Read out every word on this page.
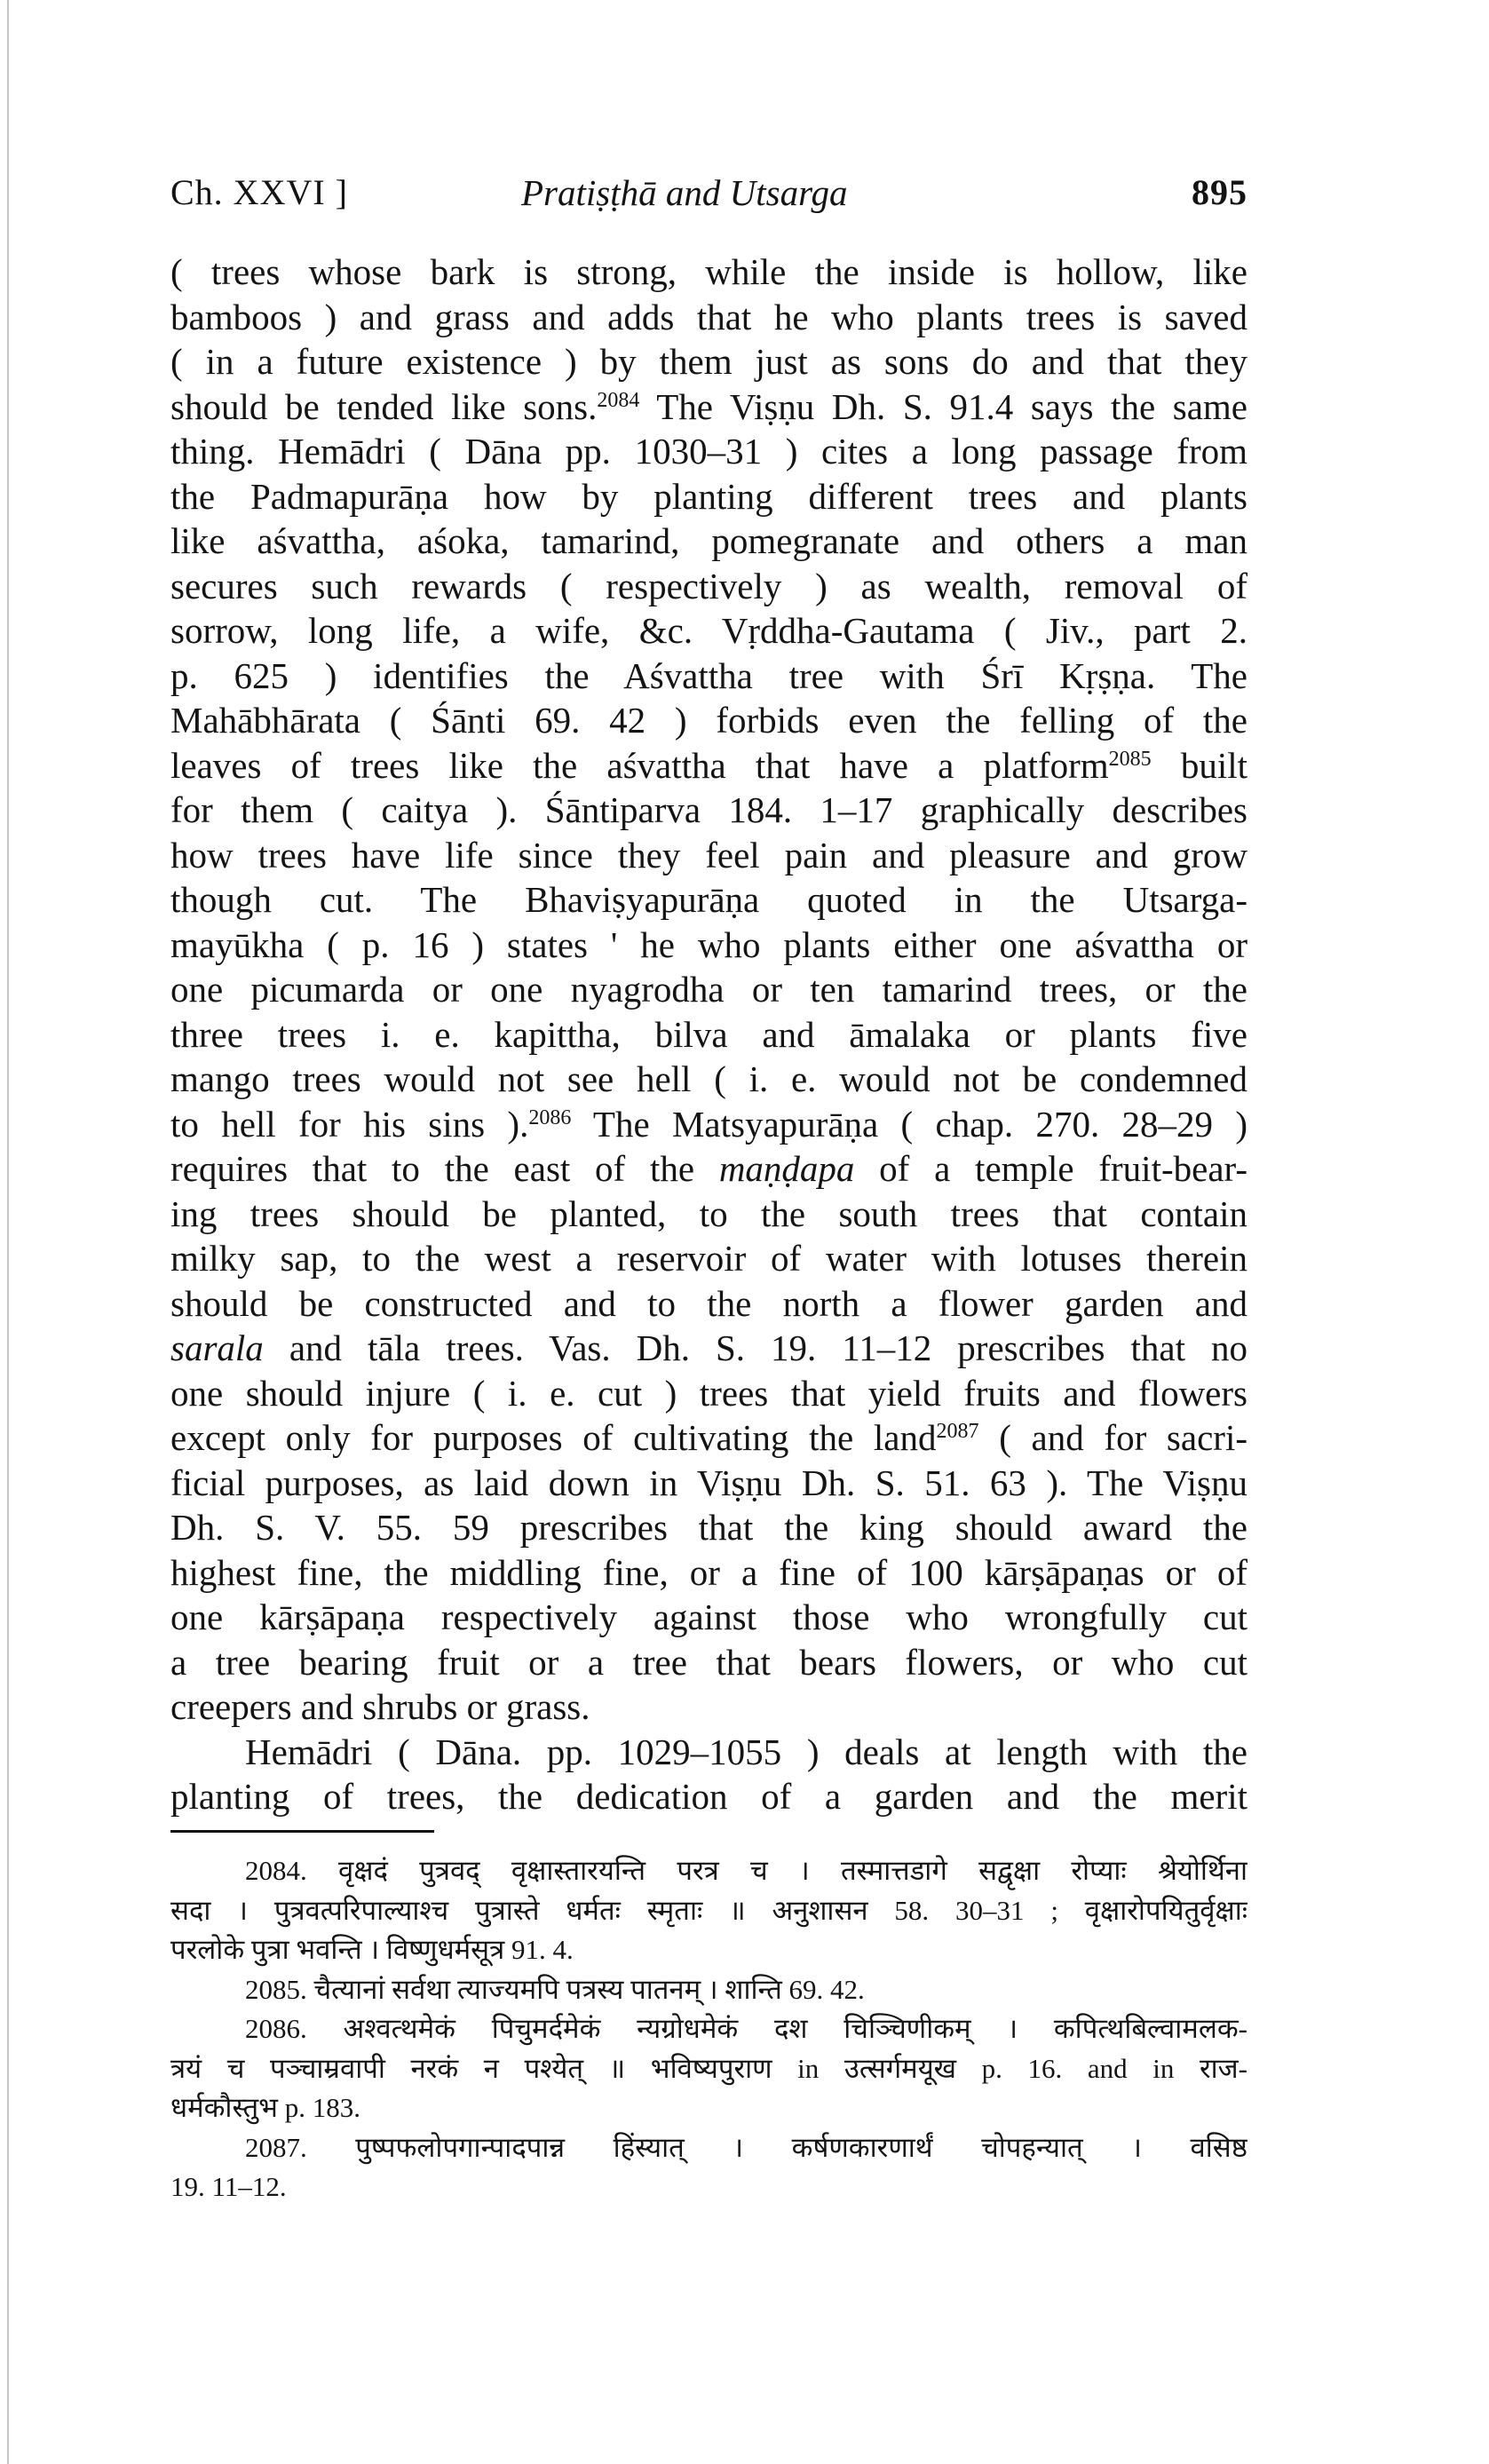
Ch. XXVI ]	Pratiṣṭhā and Utsarga	895
( trees whose bark is strong, while the inside is hollow, like
bamboos ) and grass and adds that he who plants trees is saved
( in a future existence ) by them just as sons do and that they
should be tended like sons.$^{2084}$ The Viṣṇu Dh. S. 91.4 says the same
thing. Hemādri ( Dāna pp. 1030–31 ) cites a long passage from
the Padmapurāṇa how by planting different trees and plants
like aśvattha, aśoka, tamarind, pomegranate and others a man
secures such rewards ( respectively ) as wealth, removal of
sorrow, long life, a wife, &c. Vṛddha-Gautama ( Jiv., part 2.
p. 625 ) identifies the Aśvattha tree with Śrī Kṛṣṇa. The
Mahābhārata ( Śānti 69. 42 ) forbids even the felling of the
leaves of trees like the aśvattha that have a platform$^{2085}$ built
for them ( caitya ). Śāntiparva 184. 1–17 graphically describes
how trees have life since they feel pain and pleasure and grow
though cut. The Bhaviṣyapurāṇa quoted in the Utsarga-
mayūkha ( p. 16 ) states ' he who plants either one aśvattha or
one picumarda or one nyagrodha or ten tamarind trees, or the
three trees i. e. kapittha, bilva and āmalaka or plants five
mango trees would not see hell ( i. e. would not be condemned
to hell for his sins ).$^{2086}$ The Matsyapurāṇa ( chap. 270. 28–29 )
requires that to the east of the maṇḍapa of a temple fruit-bear-
ing trees should be planted, to the south trees that contain
milky sap, to the west a reservoir of water with lotuses therein
should be constructed and to the north a flower garden and
sarala and tāla trees. Vas. Dh. S. 19. 11–12 prescribes that no
one should injure ( i. e. cut ) trees that yield fruits and flowers
except only for purposes of cultivating the land$^{2087}$ ( and for sacri-
ficial purposes, as laid down in Viṣṇu Dh. S. 51. 63 ). The Viṣṇu
Dh. S. V. 55. 59 prescribes that the king should award the
highest fine, the middling fine, or a fine of 100 kārṣāpaṇas or of
one kārṣāpaṇa respectively against those who wrongfully cut
a tree bearing fruit or a tree that bears flowers, or who cut
creepers and shrubs or grass.
Hemādri ( Dāna. pp. 1029–1055 ) deals at length with the
planting of trees, the dedication of a garden and the merit
2084. वृक्षदं पुत्रवद् वृक्षास्तारयन्ति परत्र च । तस्मात्तडागे सद्वृक्षा रोप्याः श्रेयोर्थिना
सदा । पुत्रवत्परिपाल्याश्च पुत्रास्ते धर्मतः स्मृताः ॥ अनुशासन 58. 30–31 ; वृक्षारोपयितुर्वृक्षाः
परलोके पुत्रा भवन्ति । विष्णुधर्मसूत्र 91. 4.
2085. चैत्यानां सर्वथा त्याज्यमपि पत्रस्य पातनम् । शान्ति 69. 42.
2086. अश्वत्थमेकं पिचुमर्दमेकं न्यग्रोधमेकं दश चिञ्चिणीकम् । कपित्थबिल्वामलक-
त्रयं च पञ्चाम्रवापी नरकं न पश्येत् ॥ भविष्यपुराण in उत्सर्गमयूख p. 16. and in राज-
धर्मकौस्तुभ p. 183.
2087. पुष्पफलोपगान्पादपान्न हिंस्यात् । कर्षणकारणार्थं चोपहन्यात् । वसिष्ठ
19. 11–12.
